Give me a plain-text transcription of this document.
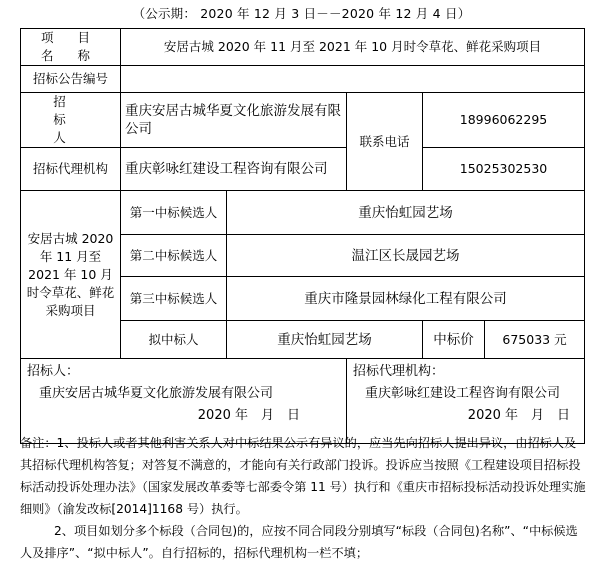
（公示期： 2020 年 12 月 3 日－－2020 年 12 月 4 日）
项 目 名 称	安居古城 2020 年 11 月至 2021 年 10 月时令草花、鲜花采购项目				
招标公告编号					
招 标 人	重庆安居古城华夏文化旅游发展有限公司		联系电话	18996062295	
招标代理机构	重庆彰咏红建设工程咨询有限公司			15025302530	
安居古城 2020 年 11 月至 2021 年 10 月时令草花、鲜花采购项目	第一中标候选人	重庆怡虹园艺场			
	第二中标候选人	温江区长晟园艺场			
	第三中标候选人	重庆市隆景园林绿化工程有限公司			
	拟中标人	重庆怡虹园艺场		中标价	675033 元

招标人：
重庆安居古城华夏文化旅游发展有限公司
2020 年　月　日			招标代理机构：
重庆彰咏红建设工程咨询有限公司
2020 年　月　日		

备注：1、投标人或者其他利害关系人对中标结果公示有异议的，应当先向招标人提出异议，由招标人及其招标代理机构答复；对答复不满意的，才能向有关行政部门投诉。投诉应当按照《工程建设项目招标投标活动投诉处理办法》（国家发展改革委等七部委令第 11 号）执行和《重庆市招标投标活动投诉处理实施细则》（渝发改标[2014]1168 号）执行。

2、项目如划分多个标段（合同包)的，应按不同合同段分别填写“标段（合同包)名称”、“中标候选人及排序”、“拟中标人”。自行招标的，招标代理机构一栏不填；
